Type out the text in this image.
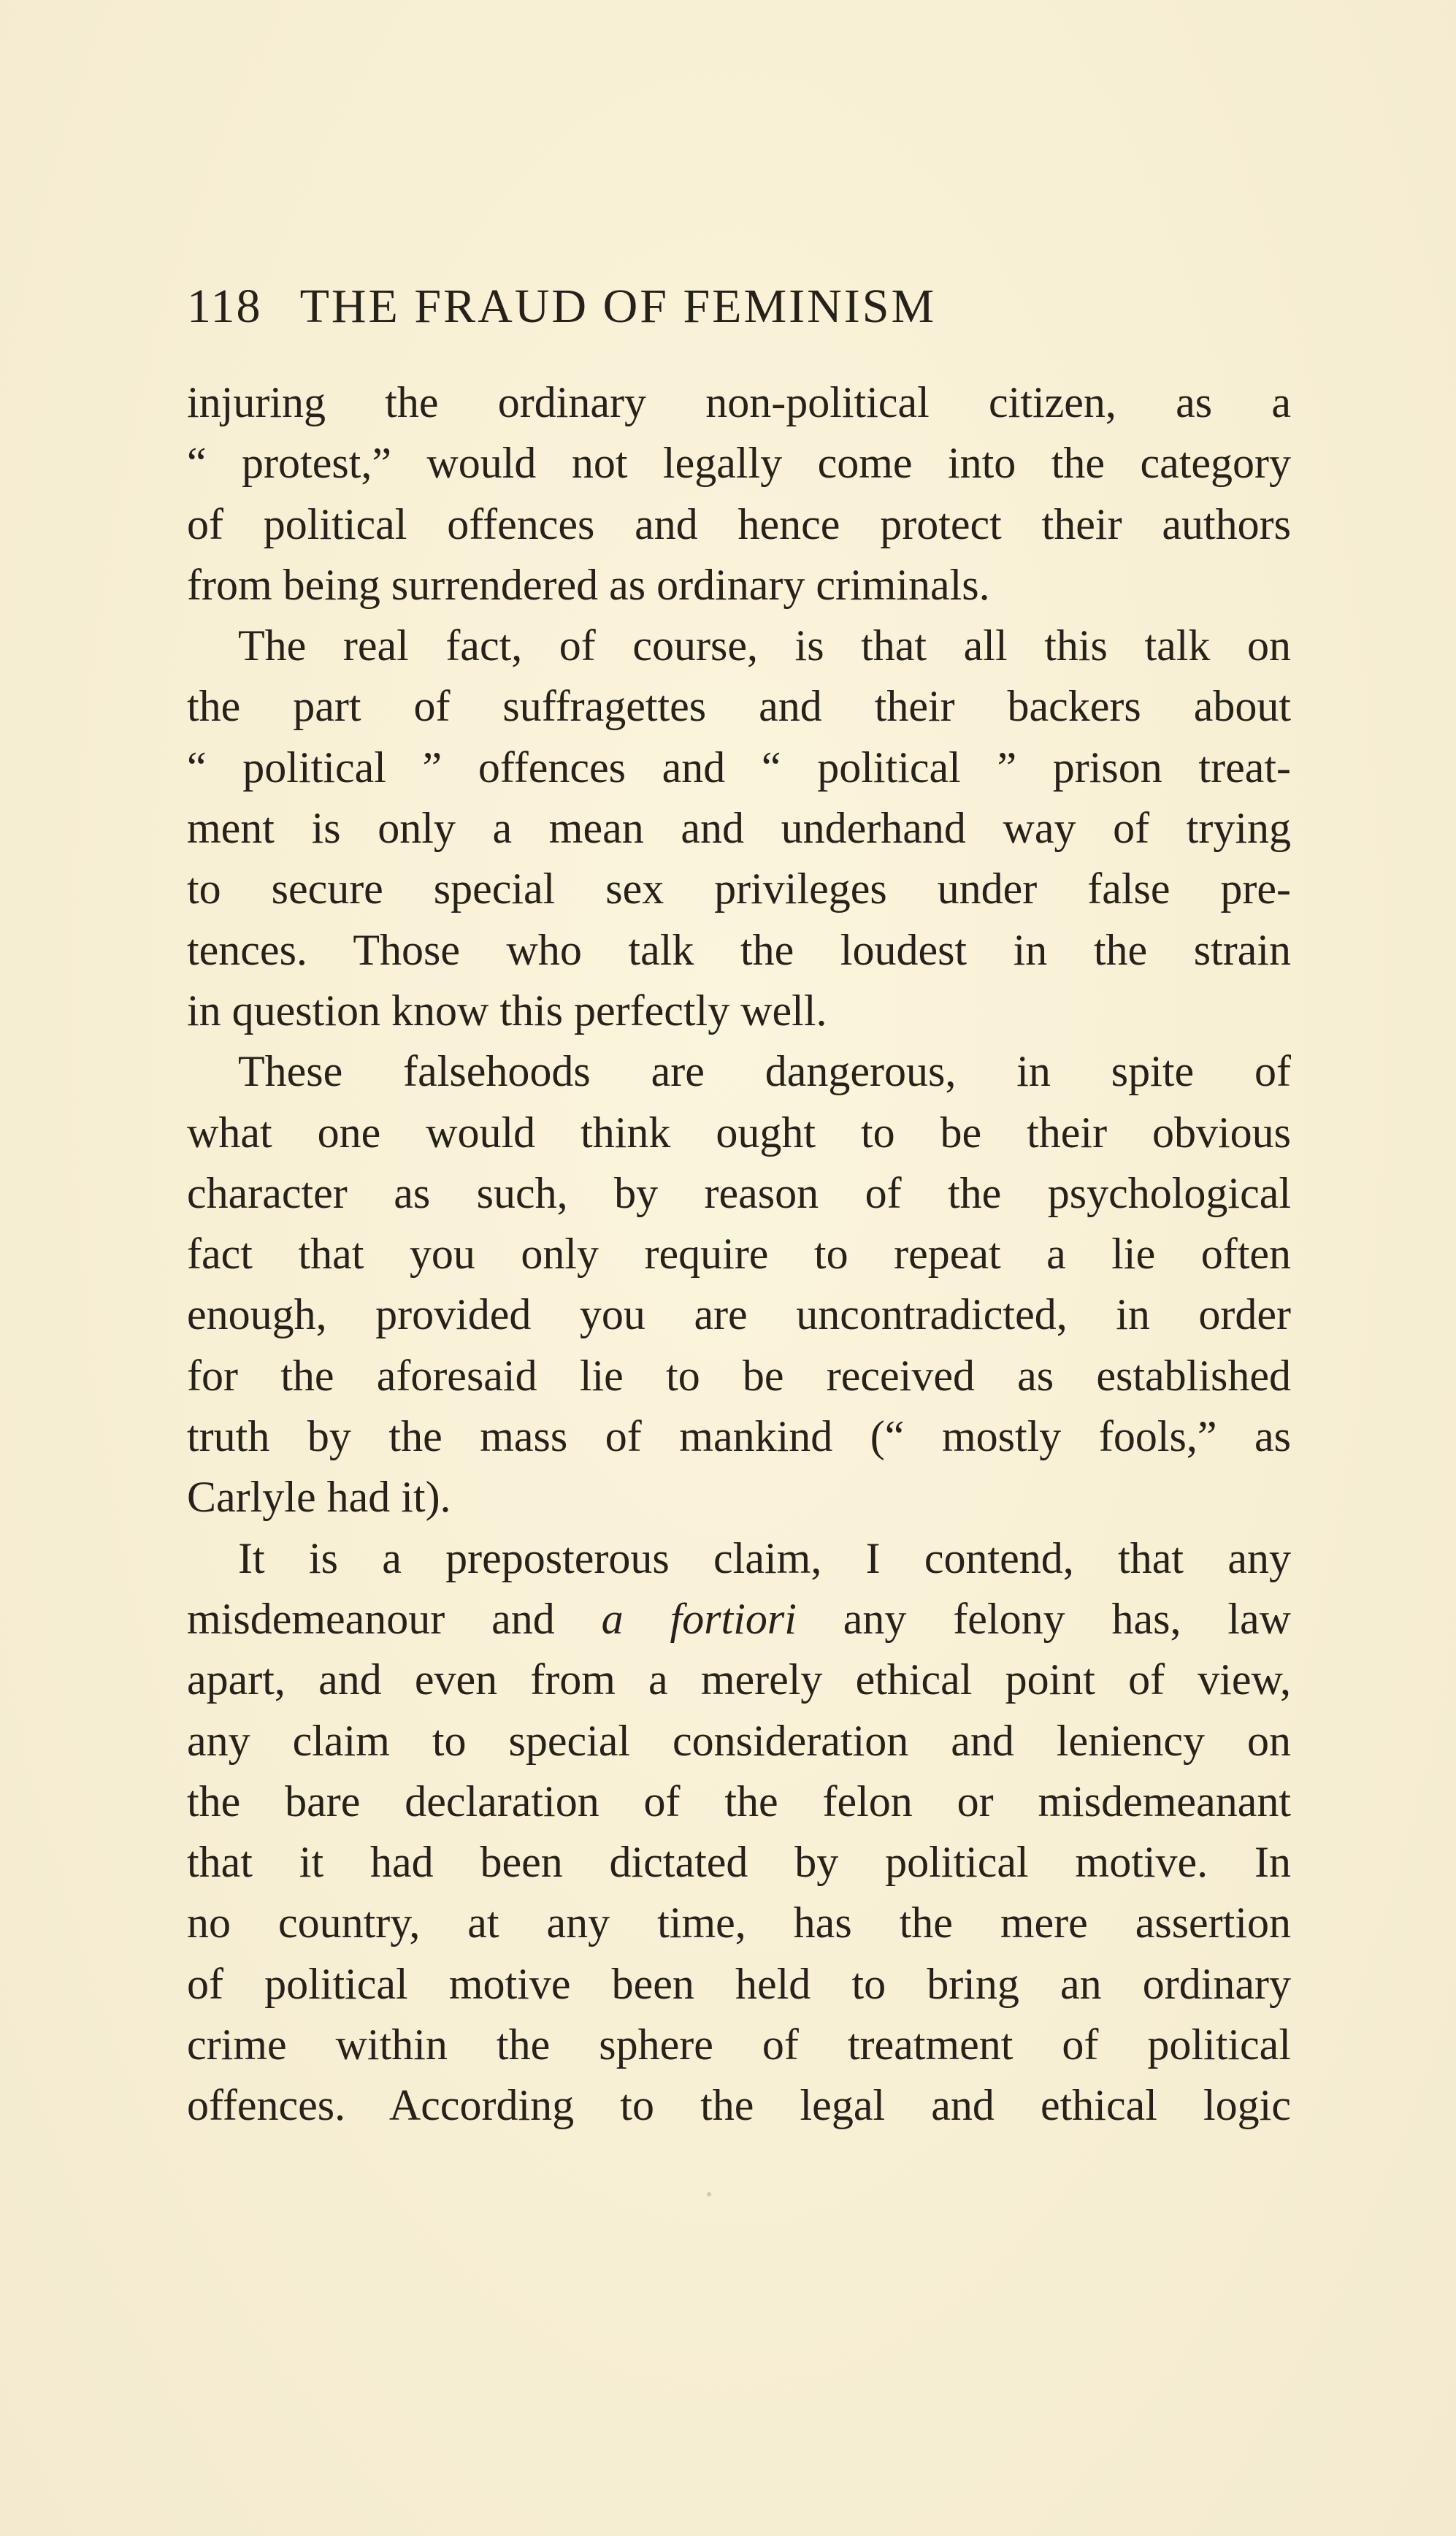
118 THE FRAUD OF FEMINISM
injuring the ordinary non-political citizen, as a
“ protest,” would not legally come into the category
of political offences and hence protect their authors
from being surrendered as ordinary criminals.
The real fact, of course, is that all this talk on
the part of suffragettes and their backers about
“ political ” offences and “ political ” prison treat-
ment is only a mean and underhand way of trying
to secure special sex privileges under false pre-
tences. Those who talk the loudest in the strain
in question know this perfectly well.
These falsehoods are dangerous, in spite of
what one would think ought to be their obvious
character as such, by reason of the psychological
fact that you only require to repeat a lie often
enough, provided you are uncontradicted, in order
for the aforesaid lie to be received as established
truth by the mass of mankind (“ mostly fools,” as
Carlyle had it).
It is a preposterous claim, I contend, that any
misdemeanour and a fortiori any felony has, law
apart, and even from a merely ethical point of view,
any claim to special consideration and leniency on
the bare declaration of the felon or misdemeanant
that it had been dictated by political motive. In
no country, at any time, has the mere assertion
of political motive been held to bring an ordinary
crime within the sphere of treatment of political
offences. According to the legal and ethical logic
